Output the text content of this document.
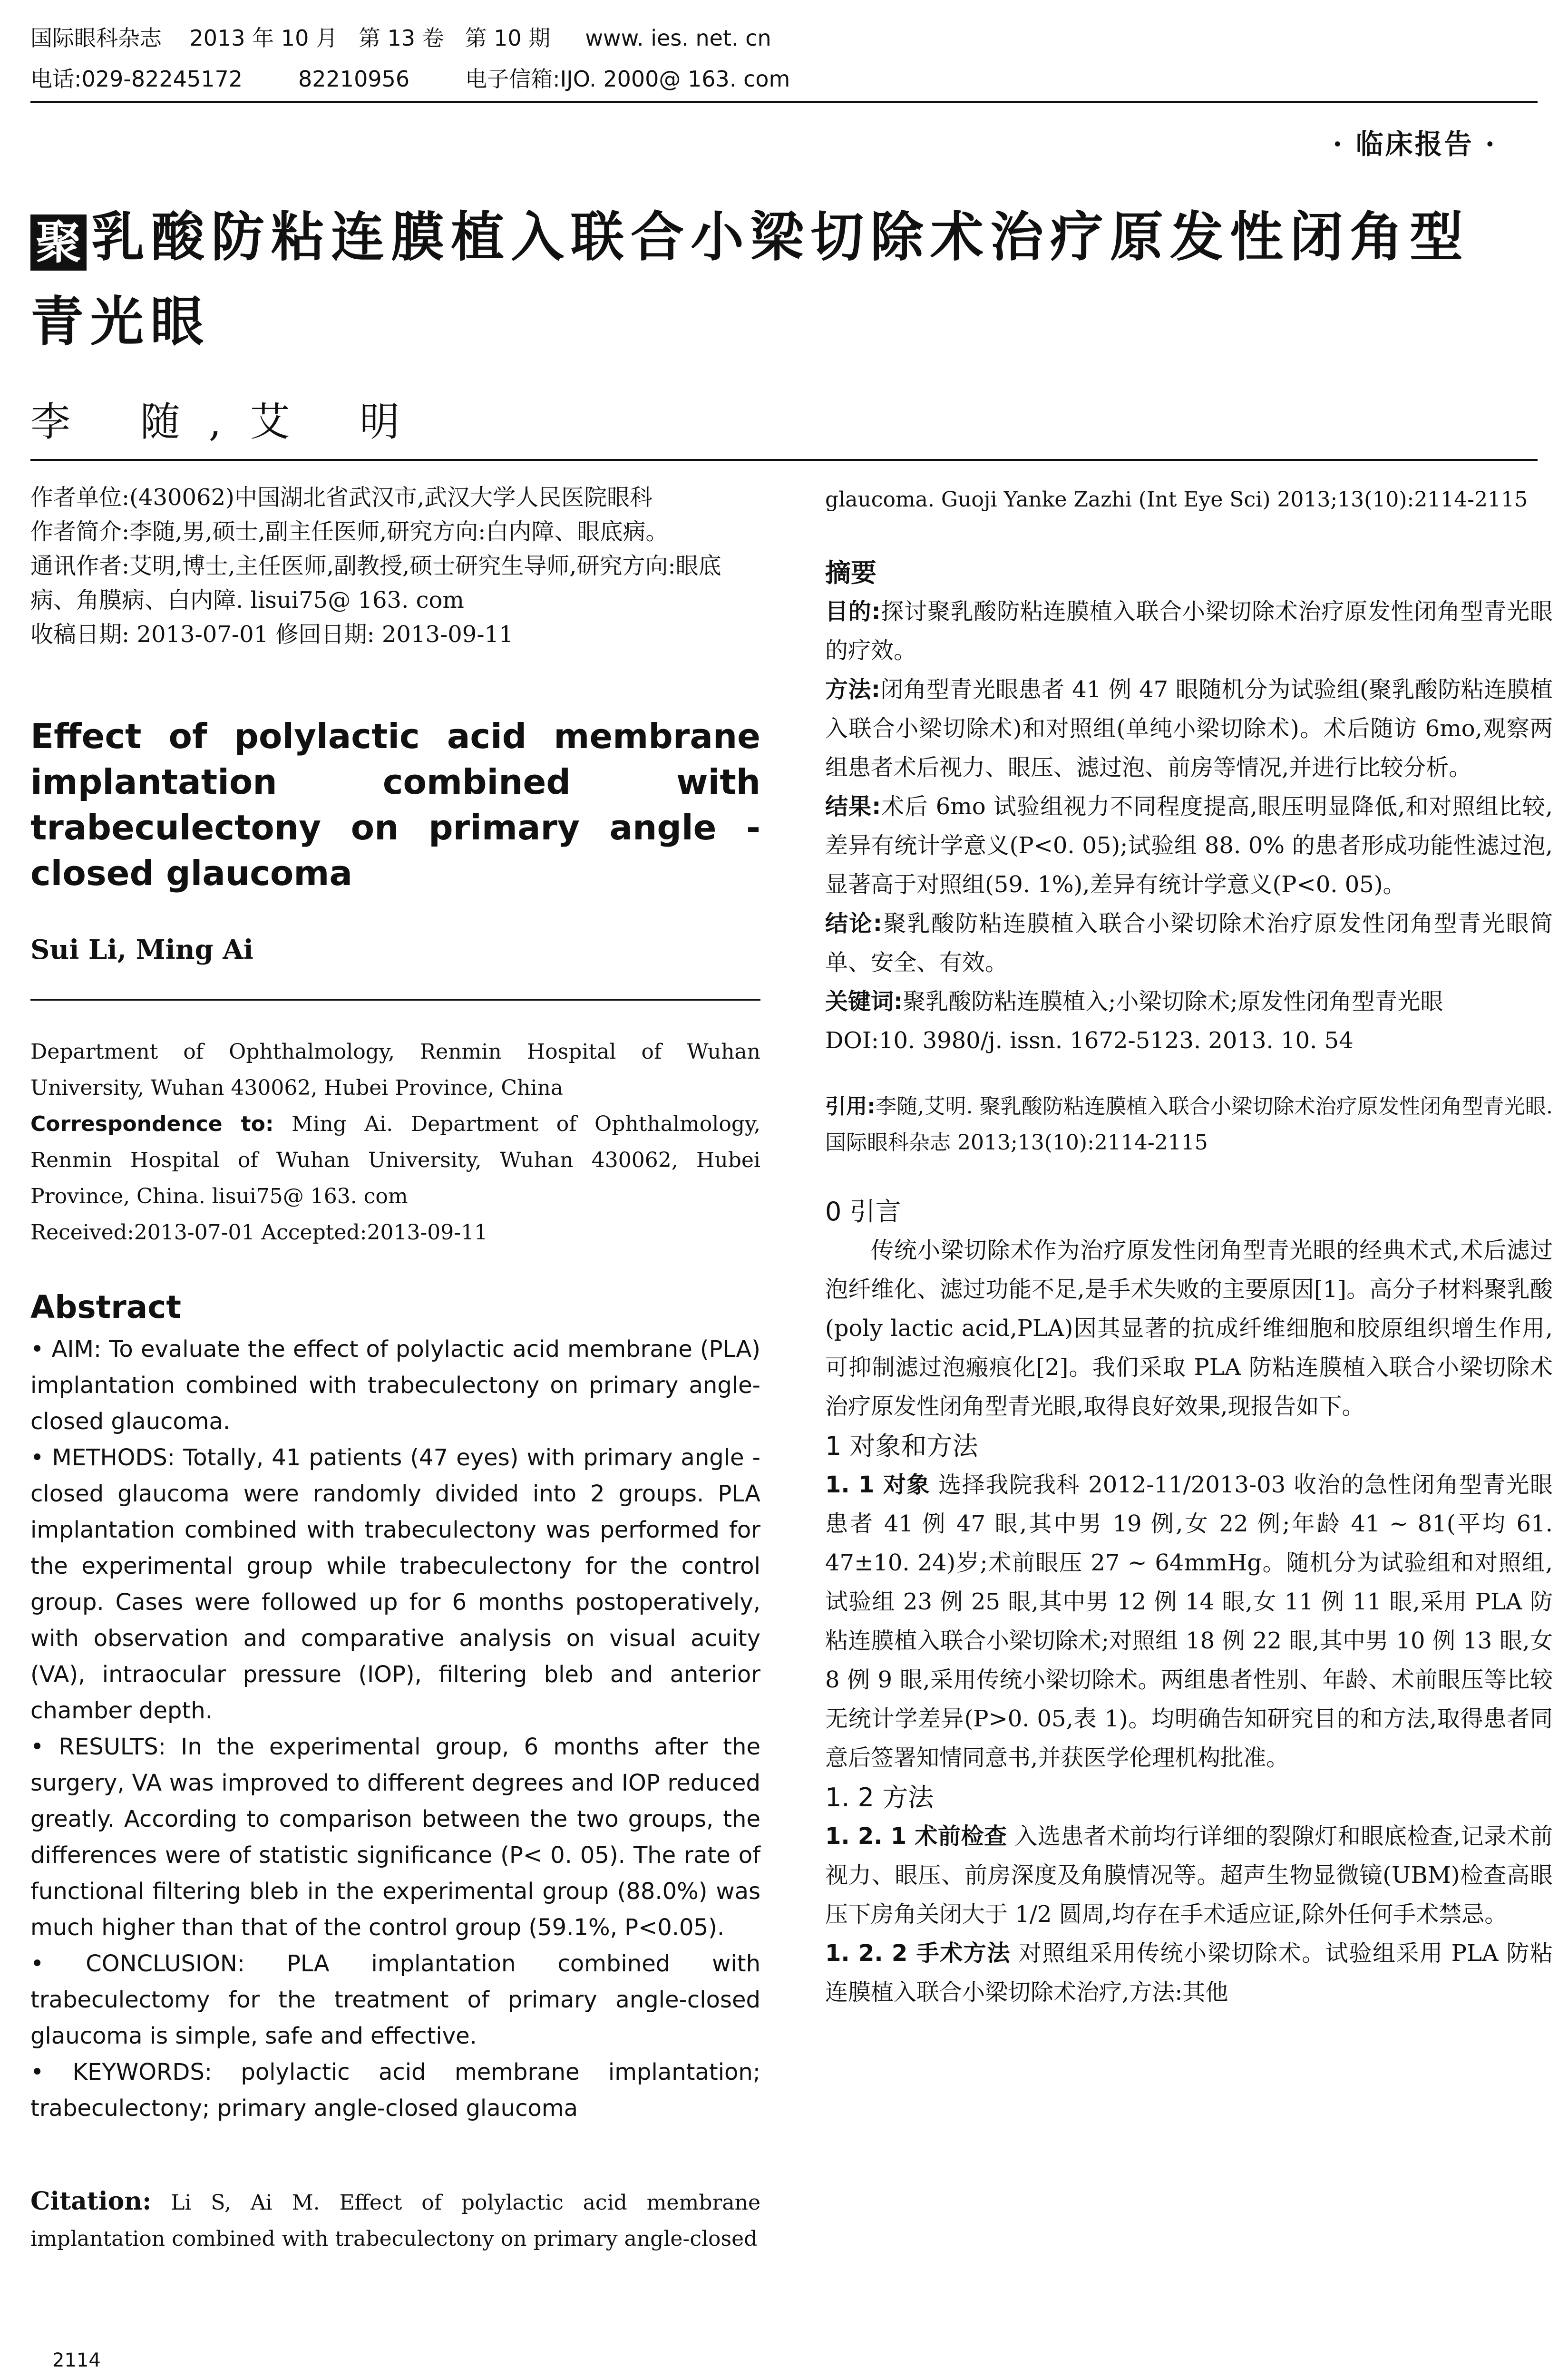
国际眼科杂志    2013 年 10 月   第 13 卷   第 10 期     www. ies. net. cn
电话:029-82245172        82210956        电子信箱:IJO. 2000@ 163. com
· 临床报告 ·
聚 乳酸防粘连膜植入联合小梁切除术治疗原发性闭角型
青光眼
李 随,艾 明

作者单位:(430062)中国湖北省武汉市,武汉大学人民医院眼科

作者简介:李随,男,硕士,副主任医师,研究方向:白内障、眼底病。

通讯作者:艾明,博士,主任医师,副教授,硕士研究生导师,研究方向:眼底病、角膜病、白内障. lisui75@ 163. com

收稿日期: 2013-07-01 修回日期: 2013-09-11

Effect of polylactic acid membrane implantation combined with trabeculectony on primary angle - closed glaucoma

Sui Li, Ming Ai

Department of Ophthalmology, Renmin Hospital of Wuhan University, Wuhan 430062, Hubei Province, China

Correspondence to: Ming Ai. Department of Ophthalmology, Renmin Hospital of Wuhan University, Wuhan 430062, Hubei Province, China. lisui75@ 163. com

Received:2013-07-01 Accepted:2013-09-11

Abstract

• AIM: To evaluate the effect of polylactic acid membrane (PLA) implantation combined with trabeculectony on primary angle-closed glaucoma.

• METHODS: Totally, 41 patients (47 eyes) with primary angle - closed glaucoma were randomly divided into 2 groups. PLA implantation combined with trabeculectony was performed for the experimental group while trabeculectony for the control group. Cases were followed up for 6 months postoperatively, with observation and comparative analysis on visual acuity (VA), intraocular pressure (IOP), filtering bleb and anterior chamber depth.

• RESULTS: In the experimental group, 6 months after the surgery, VA was improved to different degrees and IOP reduced greatly. According to comparison between the two groups, the differences were of statistic significance (P< 0. 05). The rate of functional filtering bleb in the experimental group (88.0%) was much higher than that of the control group (59.1%, P<0.05).

• CONCLUSION: PLA implantation combined with trabeculectomy for the treatment of primary angle-closed glaucoma is simple, safe and effective.

• KEYWORDS: polylactic acid membrane implantation; trabeculectony; primary angle-closed glaucoma

Citation: Li S, Ai M. Effect of polylactic acid membrane implantation combined with trabeculectony on primary angle-closed

glaucoma. Guoji Yanke Zazhi (Int Eye Sci) 2013;13(10):2114-2115

摘要

目的:探讨聚乳酸防粘连膜植入联合小梁切除术治疗原发性闭角型青光眼的疗效。

方法:闭角型青光眼患者 41 例 47 眼随机分为试验组(聚乳酸防粘连膜植入联合小梁切除术)和对照组(单纯小梁切除术)。术后随访 6mo,观察两组患者术后视力、眼压、滤过泡、前房等情况,并进行比较分析。

结果:术后 6mo 试验组视力不同程度提高,眼压明显降低,和对照组比较,差异有统计学意义(P<0. 05);试验组 88. 0% 的患者形成功能性滤过泡,显著高于对照组(59. 1%),差异有统计学意义(P<0. 05)。

结论:聚乳酸防粘连膜植入联合小梁切除术治疗原发性闭角型青光眼简单、安全、有效。

关键词:聚乳酸防粘连膜植入;小梁切除术;原发性闭角型青光眼

DOI:10. 3980/j. issn. 1672-5123. 2013. 10. 54

引用:李随,艾明. 聚乳酸防粘连膜植入联合小梁切除术治疗原发性闭角型青光眼. 国际眼科杂志 2013;13(10):2114-2115

0 引言

传统小梁切除术作为治疗原发性闭角型青光眼的经典术式,术后滤过泡纤维化、滤过功能不足,是手术失败的主要原因[1]。高分子材料聚乳酸(poly lactic acid,PLA)因其显著的抗成纤维细胞和胶原组织增生作用,可抑制滤过泡瘢痕化[2]。我们采取 PLA 防粘连膜植入联合小梁切除术治疗原发性闭角型青光眼,取得良好效果,现报告如下。

1 对象和方法

1. 1 对象 选择我院我科 2012-11/2013-03 收治的急性闭角型青光眼患者 41 例 47 眼,其中男 19 例,女 22 例;年龄 41 ~ 81(平均 61. 47±10. 24)岁;术前眼压 27 ~ 64mmHg。随机分为试验组和对照组,试验组 23 例 25 眼,其中男 12 例 14 眼,女 11 例 11 眼,采用 PLA 防粘连膜植入联合小梁切除术;对照组 18 例 22 眼,其中男 10 例 13 眼,女 8 例 9 眼,采用传统小梁切除术。两组患者性别、年龄、术前眼压等比较无统计学差异(P>0. 05,表 1)。均明确告知研究目的和方法,取得患者同意后签署知情同意书,并获医学伦理机构批准。

1. 2 方法

1. 2. 1 术前检查 入选患者术前均行详细的裂隙灯和眼底检查,记录术前视力、眼压、前房深度及角膜情况等。超声生物显微镜(UBM)检查高眼压下房角关闭大于 1/2 圆周,均存在手术适应证,除外任何手术禁忌。

1. 2. 2 手术方法 对照组采用传统小梁切除术。试验组采用 PLA 防粘连膜植入联合小梁切除术治疗,方法:其他

2114
